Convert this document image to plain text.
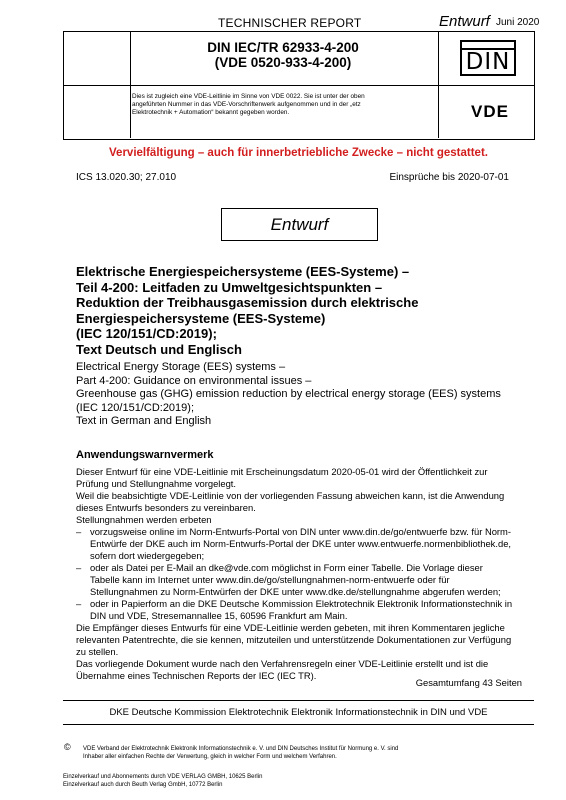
TECHNISCHER REPORT	Entwurf Juni 2020
DIN IEC/TR 62933-4-200
(VDE 0520-933-4-200)	DIN
Dies ist zugleich eine VDE-Leitlinie im Sinne von VDE 0022. Sie ist unter der oben
angeführten Nummer in das VDE-Vorschriftenwerk aufgenommen und in der „etz
Elektrotechnik + Automation“ bekannt gegeben worden.	VDE
Vervielfältigung – auch für innerbetriebliche Zwecke – nicht gestattet.
ICS 13.020.30; 27.010	Einsprüche bis 2020-07-01
Entwurf
Elektrische Energiespeichersysteme (EES-Systeme) –
Teil 4-200: Leitfaden zu Umweltgesichtspunkten –
Reduktion der Treibhausgasemission durch elektrische
Energiespeichersysteme (EES-Systeme)
(IEC 120/151/CD:2019);
Text Deutsch und Englisch
Electrical Energy Storage (EES) systems –
Part 4-200: Guidance on environmental issues –
Greenhouse gas (GHG) emission reduction by electrical energy storage (EES) systems
(IEC 120/151/CD:2019);
Text in German and English
Anwendungswarnvermerk
Dieser Entwurf für eine VDE-Leitlinie mit Erscheinungsdatum 2020-05-01 wird der Öffentlichkeit zur
Prüfung und Stellungnahme vorgelegt.
Weil die beabsichtigte VDE-Leitlinie von der vorliegenden Fassung abweichen kann, ist die Anwendung
dieses Entwurfs besonders zu vereinbaren.
Stellungnahmen werden erbeten
– vorzugsweise online im Norm-Entwurfs-Portal von DIN unter www.din.de/go/entwuerfe bzw. für Norm-
Entwürfe der DKE auch im Norm-Entwurfs-Portal der DKE unter www.entwuerfe.normenbibliothek.de,
sofern dort wiedergegeben;
– oder als Datei per E-Mail an dke@vde.com möglichst in Form einer Tabelle. Die Vorlage dieser
Tabelle kann im Internet unter www.din.de/go/stellungnahmen-norm-entwuerfe oder für
Stellungnahmen zu Norm-Entwürfen der DKE unter www.dke.de/stellungnahme abgerufen werden;
– oder in Papierform an die DKE Deutsche Kommission Elektrotechnik Elektronik Informationstechnik in
DIN und VDE, Stresemannallee 15, 60596 Frankfurt am Main.
Die Empfänger dieses Entwurfs für eine VDE-Leitlinie werden gebeten, mit ihren Kommentaren jegliche
relevanten Patentrechte, die sie kennen, mitzuteilen und unterstützende Dokumentationen zur Verfügung
zu stellen.
Das vorliegende Dokument wurde nach den Verfahrensregeln einer VDE-Leitlinie erstellt und ist die
Übernahme eines Technischen Reports der IEC (IEC TR).
Gesamtumfang 43 Seiten
DKE Deutsche Kommission Elektrotechnik Elektronik Informationstechnik in DIN und VDE
© VDE Verband der Elektrotechnik Elektronik Informationstechnik e. V. und DIN Deutsches Institut für Normung e. V. sind
Inhaber aller einfachen Rechte der Verwertung, gleich in welcher Form und welchem Verfahren.
Einzelverkauf und Abonnements durch VDE VERLAG GMBH, 10625 Berlin
Einzelverkauf auch durch Beuth Verlag GmbH, 10772 Berlin
